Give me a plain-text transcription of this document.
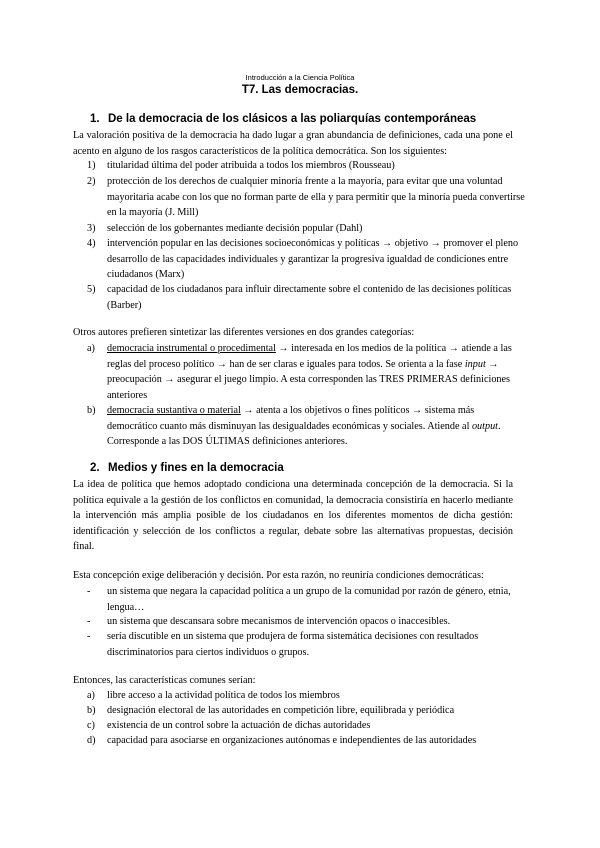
Introducción a la Ciencia Política
T7. Las democracias.
1. De la democracia de los clásicos a las poliarquías contemporáneas
La valoración positiva de la democracia ha dado lugar a gran abundancia de definiciones, cada una pone el acento en alguno de los rasgos característicos de la política democrática. Son los siguientes:
1) titularidad última del poder atribuida a todos los miembros (Rousseau)
2) protección de los derechos de cualquier minoría frente a la mayoría, para evitar que una voluntad mayoritaria acabe con los que no forman parte de ella y para permitir que la minoría pueda convertirse en la mayoría (J. Mill)
3) selección de los gobernantes mediante decisión popular (Dahl)
4) intervención popular en las decisiones socioeconómicas y políticas → objetivo → promover el pleno desarrollo de las capacidades individuales y garantizar la progresiva igualdad de condiciones entre ciudadanos (Marx)
5) capacidad de los ciudadanos para influir directamente sobre el contenido de las decisiones políticas (Barber)
Otros autores prefieren sintetizar las diferentes versiones en dos grandes categorías:
a) democracia instrumental o procedimental → interesada en los medios de la política → atiende a las reglas del proceso político → han de ser claras e iguales para todos. Se orienta a la fase input → preocupación → asegurar el juego limpio. A esta corresponden las TRES PRIMERAS definiciones anteriores
b) democracia sustantiva o material → atenta a los objetivos o fines políticos → sistema más democrático cuanto más disminuyan las desigualdades económicas y sociales. Atiende al output. Corresponde a las DOS ÚLTIMAS definiciones anteriores.
2. Medios y fines en la democracia
La idea de política que hemos adoptado condiciona una determinada concepción de la democracia. Si la política equivale a la gestión de los conflictos en comunidad, la democracia consistiría en hacerlo mediante la intervención más amplia posible de los ciudadanos en los diferentes momentos de dicha gestión: identificación y selección de los conflictos a regular, debate sobre las alternativas propuestas, decisión final.
Esta concepción exige deliberación y decisión. Por esta razón, no reuniría condiciones democráticas:
- un sistema que negara la capacidad política a un grupo de la comunidad por razón de género, etnia, lengua…
- un sistema que descansara sobre mecanismos de intervención opacos o inaccesibles.
- sería discutible en un sistema que produjera de forma sistemática decisiones con resultados discriminatorios para ciertos individuos o grupos.
Entonces, las características comunes serían:
a) libre acceso a la actividad política de todos los miembros
b) designación electoral de las autoridades en competición libre, equilibrada y periódica
c) existencia de un control sobre la actuación de dichas autoridades
d) capacidad para asociarse en organizaciones autónomas e independientes de las autoridades
